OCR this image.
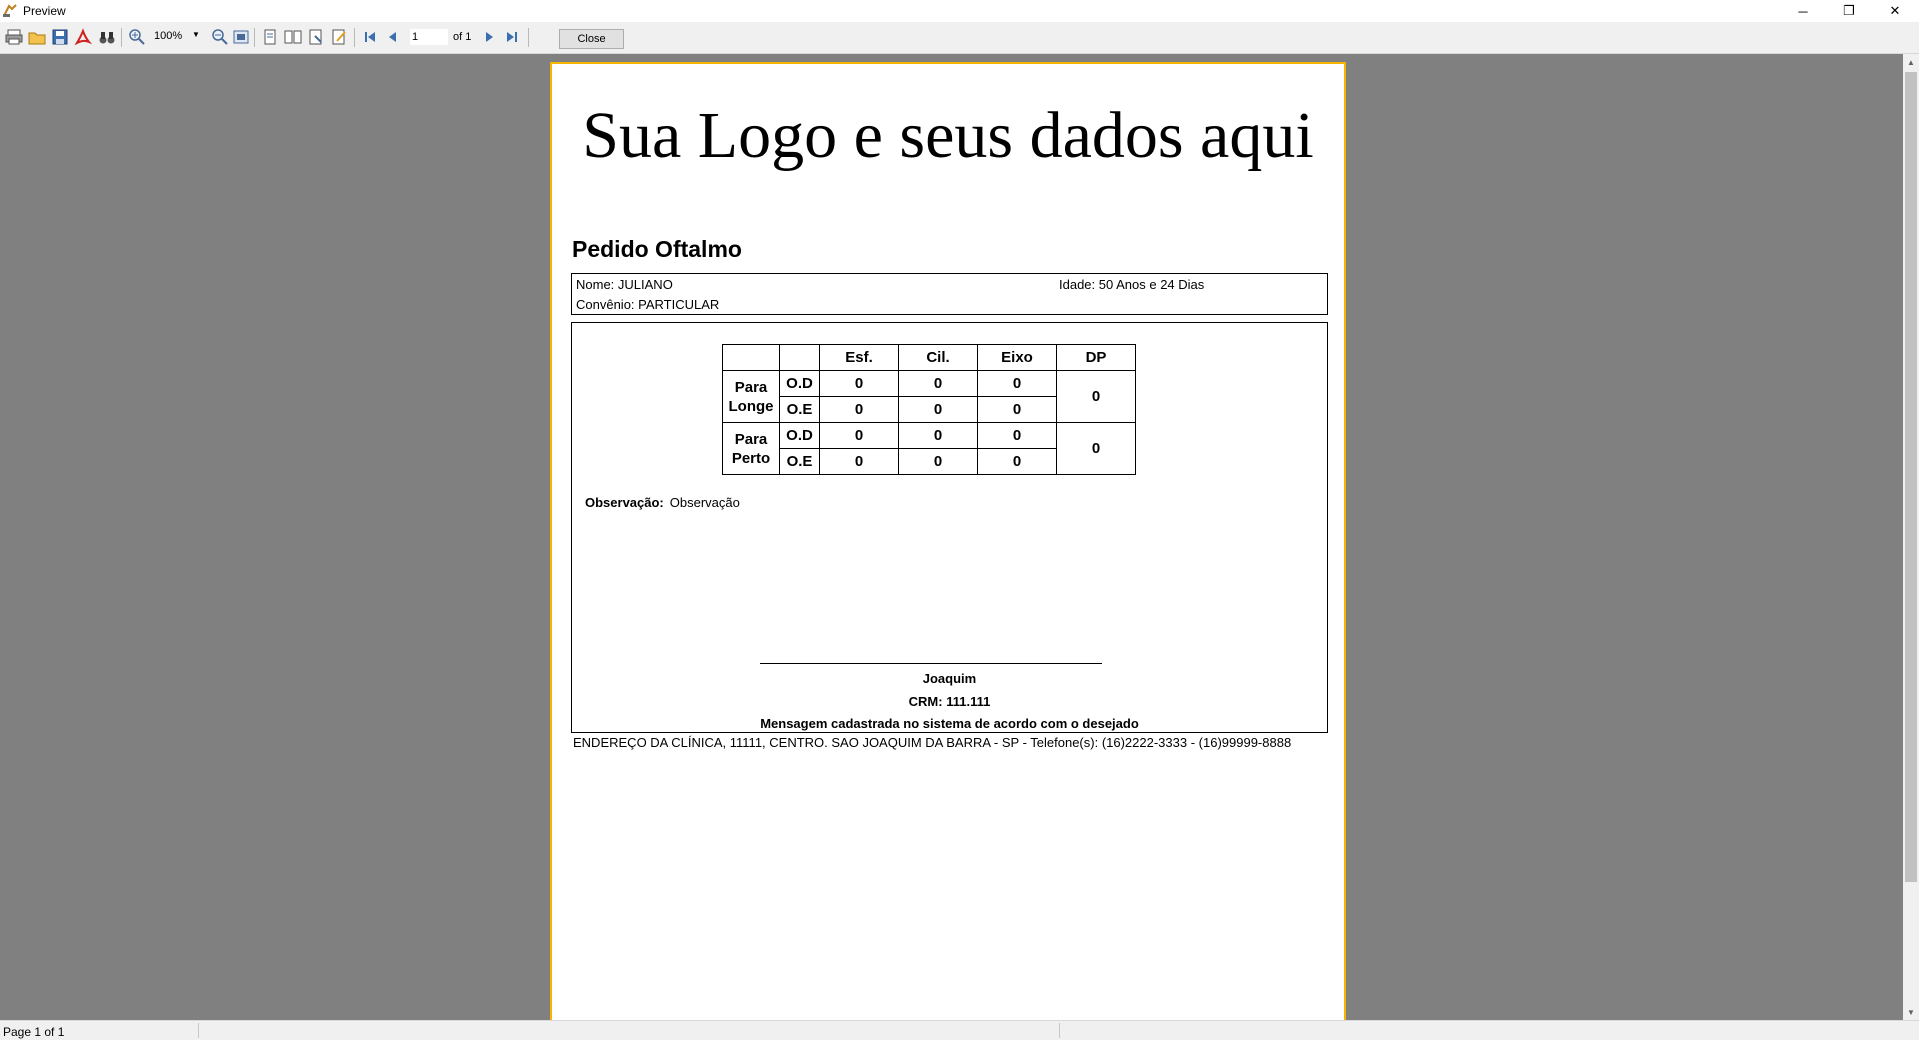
Preview	─	❐	✕
100%	▼
1	of 1	Close
Sua Logo e seus dados aqui
Pedido Oftalmo
Nome: JULIANO	Idade: 50 Anos e 24 Dias
Convênio: PARTICULAR
		Esf.	Cil.	Eixo	DP
Para
Longe	O.D	0	0	0	0
	O.E	0	0	0	
Para
Perto	O.D	0	0	0	0
	O.E	0	0	0	
Observação: Observação
Joaquim
CRM: 111.111
Mensagem cadastrada no sistema de acordo com o desejado
ENDEREÇO DA CLÍNICA, 11111, CENTRO. SAO JOAQUIM DA BARRA - SP - Telefone(s): (16)2222-3333 - (16)99999-8888
▲
▼
Page 1 of 1
